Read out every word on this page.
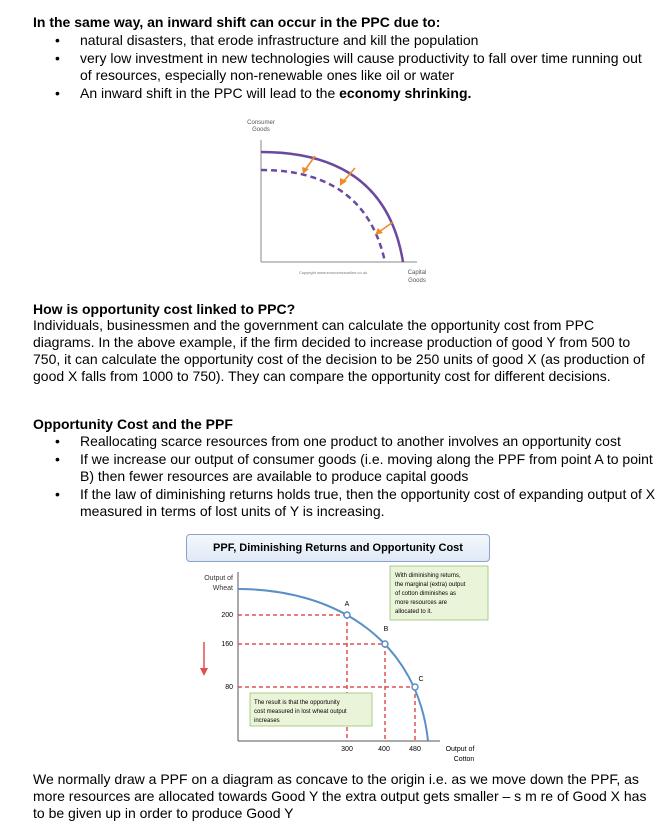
In the same way, an inward shift can occur in the PPC due to:

• natural disasters, that erode infrastructure and kill the population
• very low investment in new technologies will cause productivity to fall over time running out of resources, especially non-renewable ones like oil or water
• An inward shift in the PPC will lead to the economy shrinking.
Consumer
Goods
Copyright www.economicsonline.co.uk	Capital
Goods

How is opportunity cost linked to PPC?

Individuals, businessmen and the government can calculate the opportunity cost from PPC diagrams. In the above example, if the firm decided to increase production of good Y from 500 to 750, it can calculate the opportunity cost of the decision to be 250 units of good X (as production of good X falls from 1000 to 750). They can compare the opportunity cost for different decisions.

Opportunity Cost and the PPF

• Reallocating scarce resources from one product to another involves an opportunity cost
• If we increase our output of consumer goods (i.e. moving along the PPF from point A to point B) then fewer resources are available to produce capital goods
• If the law of diminishing returns holds true, then the opportunity cost of expanding output of X measured in terms of lost units of Y is increasing.
PPF, Diminishing Returns and Opportunity Cost
Output of
Wheat
A
B
C
200
160
80
300	400	480	Output of
Cotton
With diminishing returns,
the marginal (extra) output
of cotton diminishes as
more resources are
allocated to it.
The result is that the opportunity
cost measured in lost wheat output
increases

We normally draw a PPF on a diagram as concave to the origin i.e. as we move down the PPF, as more resources are allocated towards Good Y the extra output gets smaller – s m re of Good X has to be given up in order to produce Good Y
